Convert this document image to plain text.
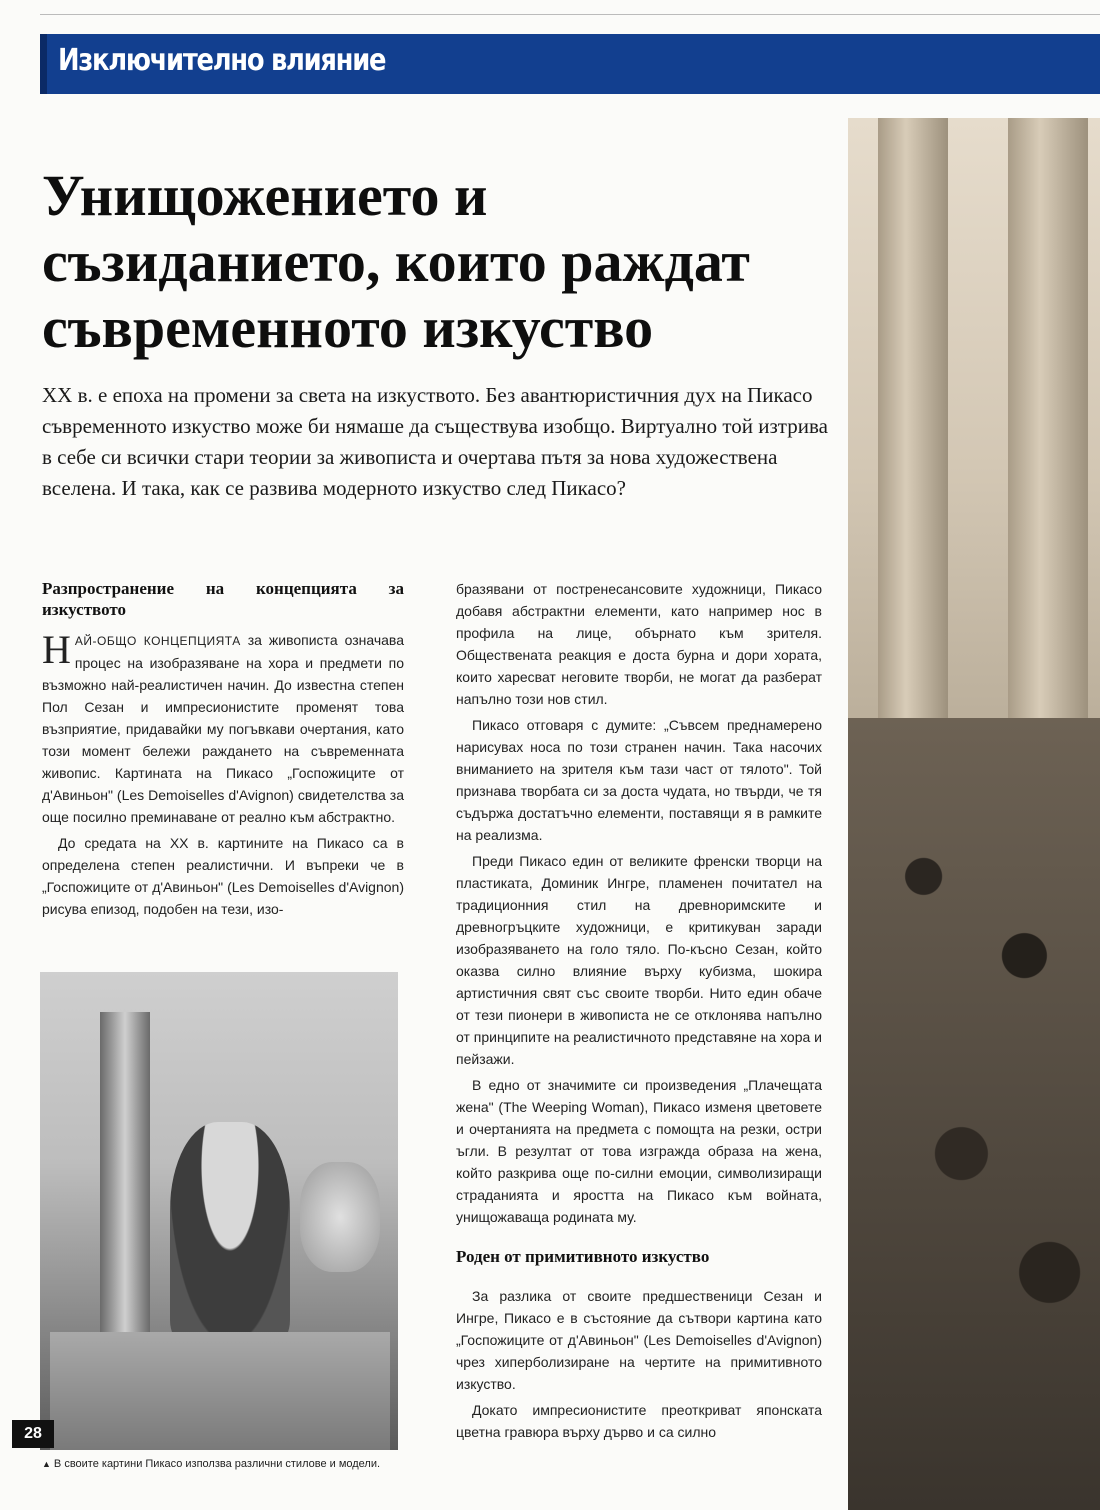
Изключително влияние
Унищожението и съзиданието, които раждат съвременното изкуство

XX в. е епоха на промени за света на изкуството. Без авантюристичния дух на Пикасо съвременното изкуство може би нямаше да съществува изобщо. Виртуално той изтрива в себе си всички стари теории за живописта и очертава пътя за нова художествена вселена. И така, как се развива модерното изкуство след Пикасо?

Разпространение на концепцията за изкуството

НАЙ-ОБЩО КОНЦЕПЦИЯТА за живописта означава процес на изобразяване на хора и предмети по възможно най-реалистичен начин. До известна степен Пол Сезан и импресионистите променят това възприятие, придавайки му погъвкави очертания, като този момент бележи раждането на съвременната живопис. Картината на Пикасо „Госпожиците от д'Авиньон" (Les Demoiselles d'Avignon) свидетелства за още посилно преминаване от реално към абстрактно.

До средата на XX в. картините на Пикасо са в определена степен реалистични. И въпреки че в „Госпожиците от д'Авиньон" (Les Demoiselles d'Avignon) рисува епизод, подобен на тези, изо-

бразявани от постренесансовите художници, Пикасо добавя абстрактни елементи, като например нос в профила на лице, обърнато към зрителя. Обществената реакция е доста бурна и дори хората, които харесват неговите творби, не могат да разберат напълно този нов стил.

Пикасо отговаря с думите: „Съвсем преднамерено нарисувах носа по този странен начин. Така насочих вниманието на зрителя към тази част от тялото". Той признава творбата си за доста чудата, но твърди, че тя съдържа достатъчно елементи, поставящи я в рамките на реализма.

Преди Пикасо един от великите френски творци на пластиката, Доминик Ингре, пламенен почитател на традиционния стил на древноримските и древногръцките художници, е критикуван заради изобразяването на голо тяло. По-късно Сезан, който оказва силно влияние върху кубизма, шокира артистичния свят със своите творби. Нито един обаче от тези пионери в живописта не се отклонява напълно от принципите на реалистичното представяне на хора и пейзажи.

В едно от значимите си произведения „Плачещата жена" (The Weeping Woman), Пикасо изменя цветовете и очертанията на предмета с помощта на резки, остри ъгли. В резултат от това изгражда образа на жена, който разкрива още по-силни емоции, символизиращи страданията и яростта на Пикасо към войната, унищожаваща родината му.

Роден от примитивното изкуство

За разлика от своите предшественици Сезан и Ингре, Пикасо е в състояние да сътвори картина като „Госпожиците от д'Авиньон" (Les Demoiselles d'Avignon) чрез хиперболизиране на чертите на примитивното изкуство.

Докато импресионистите преоткриват японската цветна гравюра върху дърво и са силно

▲ В своите картини Пикасо използва различни стилове и модели.
28
